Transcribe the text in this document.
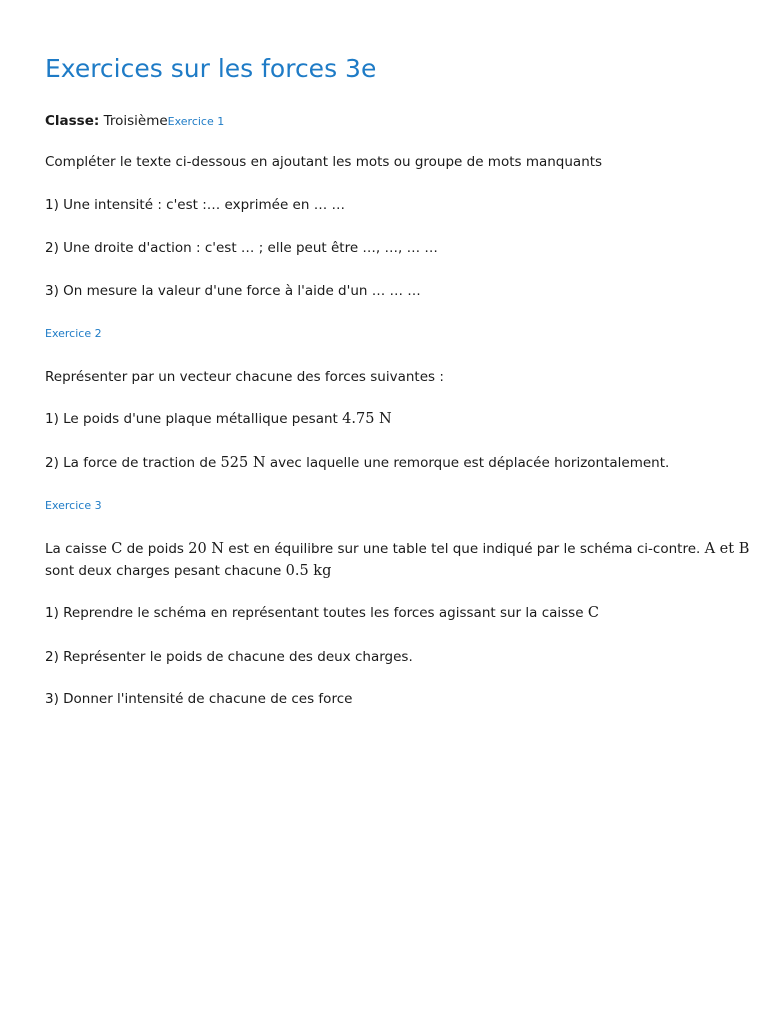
Exercices sur les forces 3e
Classe: TroisièmeExercice 1
Compléter le texte ci-dessous en ajoutant les mots ou groupe de mots manquants
1) Une intensité : c'est :… exprimée en … …
2) Une droite d'action : c'est … ; elle peut être …, …, … …
3) On mesure la valeur d'une force à l'aide d'un … … …
Exercice 2
Représenter par un vecteur chacune des forces suivantes :
1) Le poids d'une plaque métallique pesant 4.75 N
2) La force de traction de 525 N avec laquelle une remorque est déplacée horizontalement.
Exercice 3
La caisse C de poids 20 N est en équilibre sur une table tel que indiqué par le schéma ci-contre. A et B
sont deux charges pesant chacune 0.5 kg
1) Reprendre le schéma en représentant toutes les forces agissant sur la caisse C
2) Représenter le poids de chacune des deux charges.
3) Donner l'intensité de chacune de ces force
